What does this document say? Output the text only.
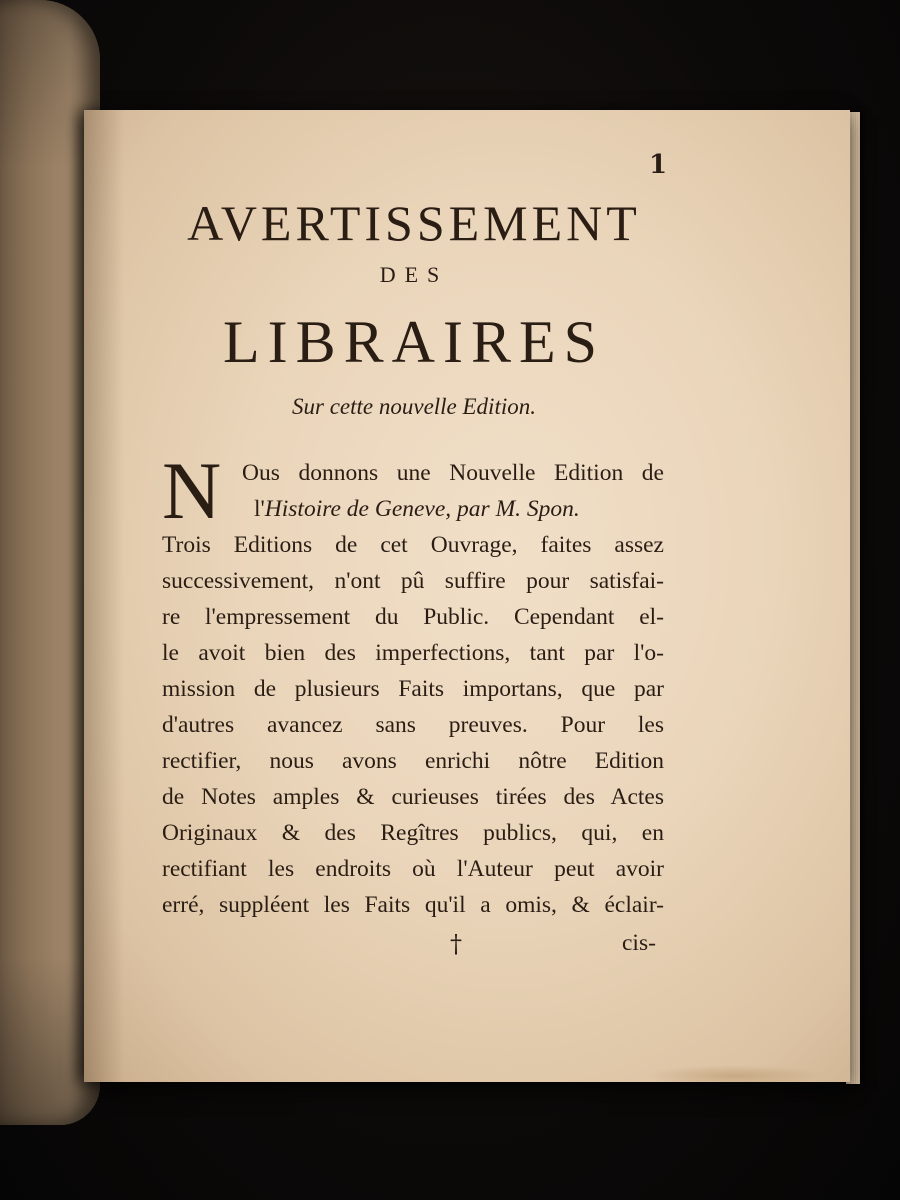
1

AVERTISSEMENT

DES

LIBRAIRES

Sur cette nouvelle Edition.

N Ous donnons une Nouvelle Edition de

l'Histoire de Geneve, par M. Spon.

Trois Editions de cet Ouvrage, faites assez

successivement, n'ont pû suffire pour satisfai-

re l'empressement du Public. Cependant el-

le avoit bien des imperfections, tant par l'o-

mission de plusieurs Faits importans, que par

d'autres avancez sans preuves. Pour les

rectifier, nous avons enrichi nôtre Edition

de Notes amples & curieuses tirées des Actes

Originaux & des Regîtres publics, qui, en

rectifiant les endroits où l'Auteur peut avoir

erré, suppléent les Faits qu'il a omis, & éclair-

†	cis-
